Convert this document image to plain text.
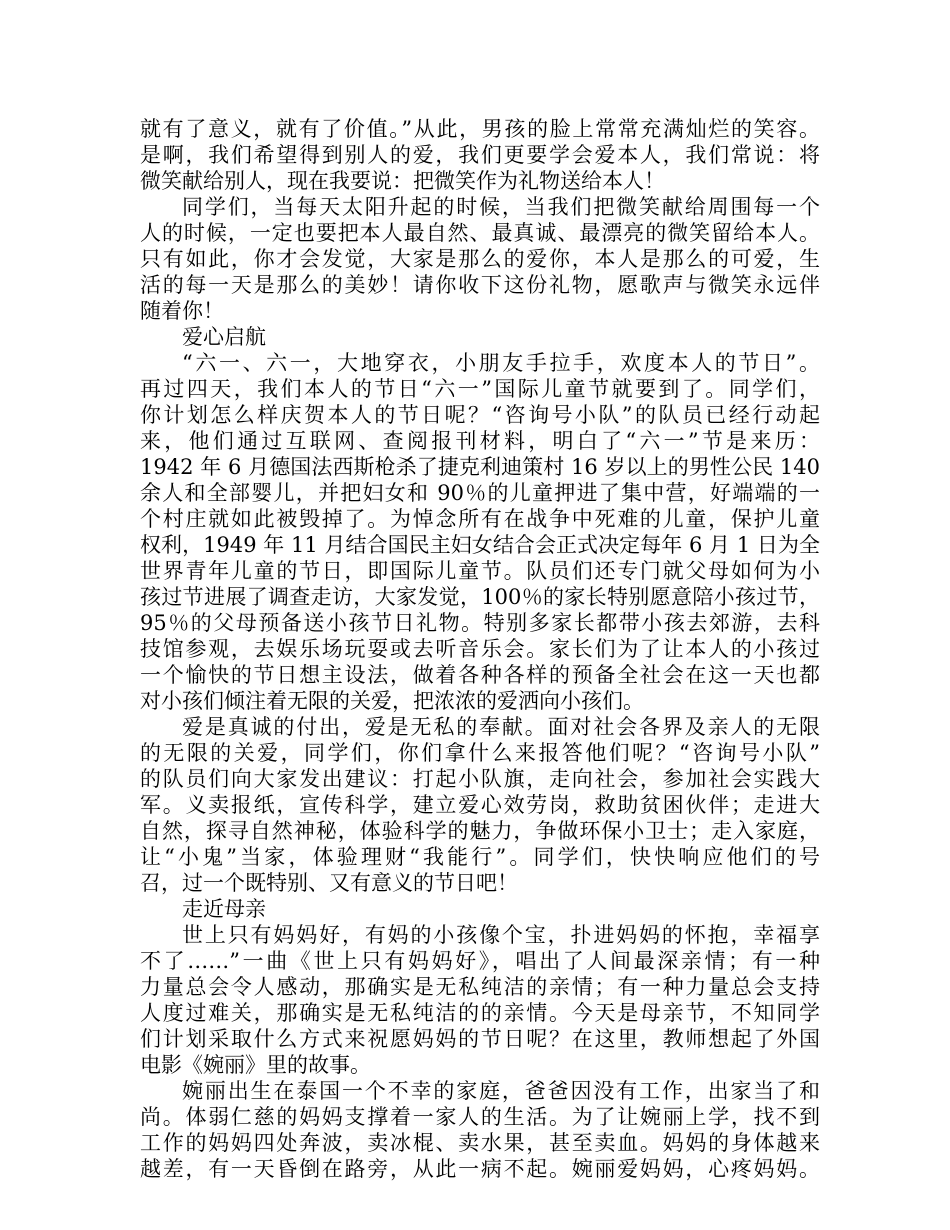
就有了意义，就有了价值。”从此，男孩的脸上常常充满灿烂的笑容。
是啊，我们希望得到别人的爱，我们更要学会爱本人，我们常说：将
微笑献给别人，现在我要说：把微笑作为礼物送给本人！
同学们，当每天太阳升起的时候，当我们把微笑献给周围每一个
人的时候，一定也要把本人最自然、最真诚、最漂亮的微笑留给本人。
只有如此，你才会发觉，大家是那么的爱你，本人是那么的可爱，生
活的每一天是那么的美妙！请你收下这份礼物，愿歌声与微笑永远伴
随着你！
爱心启航
“六一、六一，大地穿衣，小朋友手拉手，欢度本人的节日”。
再过四天，我们本人的节日“六一”国际儿童节就要到了。同学们，
你计划怎么样庆贺本人的节日呢？“咨询号小队”的队员已经行动起
来，他们通过互联网、查阅报刊材料，明白了“六一”节是来历：
1942 年 6 月德国法西斯枪杀了捷克利迪策村 16 岁以上的男性公民 140
余人和全部婴儿，并把妇女和 90％的儿童押进了集中营，好端端的一
个村庄就如此被毁掉了。为悼念所有在战争中死难的儿童，保护儿童
权利，1949 年 11 月结合国民主妇女结合会正式决定每年 6 月 1 日为全
世界青年儿童的节日，即国际儿童节。队员们还专门就父母如何为小
孩过节进展了调查走访，大家发觉，100％的家长特别愿意陪小孩过节，
95％的父母预备送小孩节日礼物。特别多家长都带小孩去郊游，去科
技馆参观，去娱乐场玩耍或去听音乐会。家长们为了让本人的小孩过
一个愉快的节日想主设法，做着各种各样的预备全社会在这一天也都
对小孩们倾注着无限的关爱，把浓浓的爱洒向小孩们。
爱是真诚的付出，爱是无私的奉献。面对社会各界及亲人的无限
的无限的关爱，同学们，你们拿什么来报答他们呢？“咨询号小队”
的队员们向大家发出建议：打起小队旗，走向社会，参加社会实践大
军。义卖报纸，宣传科学，建立爱心效劳岗，救助贫困伙伴；走进大
自然，探寻自然神秘，体验科学的魅力，争做环保小卫士；走入家庭，
让“小鬼”当家，体验理财“我能行”。同学们，快快响应他们的号
召，过一个既特别、又有意义的节日吧！
走近母亲
世上只有妈妈好，有妈的小孩像个宝，扑进妈妈的怀抱，幸福享
不了……”一曲《世上只有妈妈好》，唱出了人间最深亲情；有一种
力量总会令人感动，那确实是无私纯洁的亲情；有一种力量总会支持
人度过难关，那确实是无私纯洁的的亲情。今天是母亲节，不知同学
们计划采取什么方式来祝愿妈妈的节日呢？在这里，教师想起了外国
电影《婉丽》里的故事。
婉丽出生在泰国一个不幸的家庭，爸爸因没有工作，出家当了和
尚。体弱仁慈的妈妈支撑着一家人的生活。为了让婉丽上学，找不到
工作的妈妈四处奔波，卖冰棍、卖水果，甚至卖血。妈妈的身体越来
越差，有一天昏倒在路旁，从此一病不起。婉丽爱妈妈，心疼妈妈。
